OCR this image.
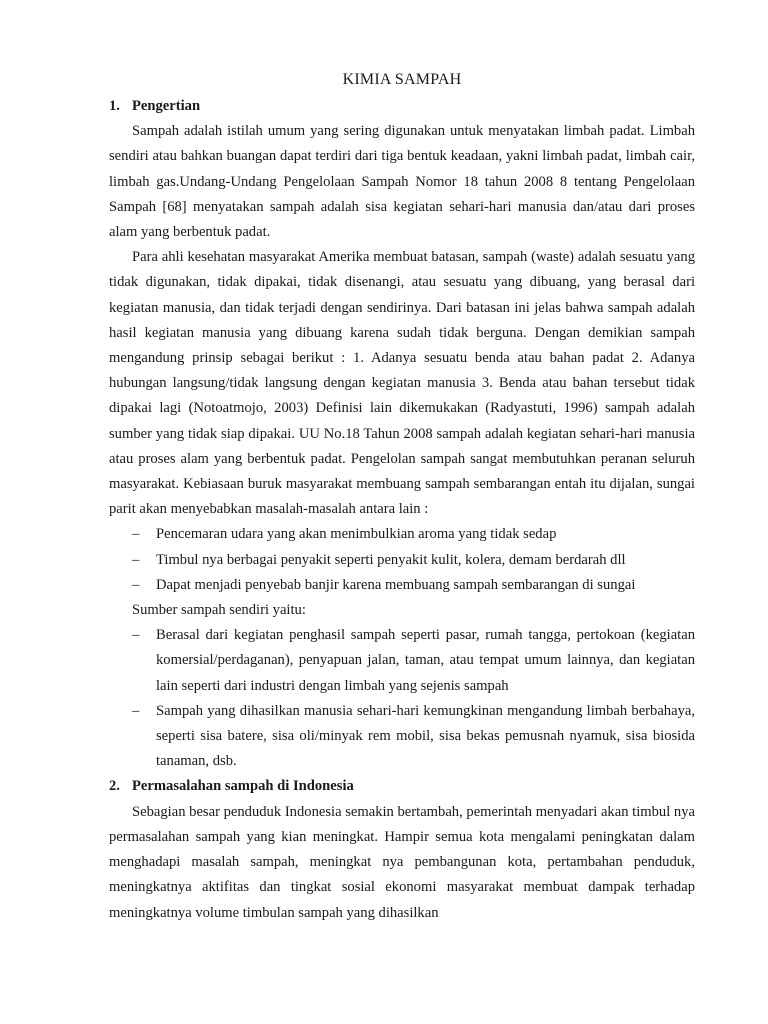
KIMIA SAMPAH
1. Pengertian

Sampah adalah istilah umum yang sering digunakan untuk menyatakan limbah padat. Limbah sendiri atau bahkan buangan dapat terdiri dari tiga bentuk keadaan, yakni limbah padat, limbah cair, limbah gas.Undang-Undang Pengelolaan Sampah Nomor 18 tahun 2008 8 tentang Pengelolaan Sampah [68] menyatakan sampah adalah sisa kegiatan sehari-hari manusia dan/atau dari proses alam yang berbentuk padat.

Para ahli kesehatan masyarakat Amerika membuat batasan, sampah (waste) adalah sesuatu yang tidak digunakan, tidak dipakai, tidak disenangi, atau sesuatu yang dibuang, yang berasal dari kegiatan manusia, dan tidak terjadi dengan sendirinya. Dari batasan ini jelas bahwa sampah adalah hasil kegiatan manusia yang dibuang karena sudah tidak berguna. Dengan demikian sampah mengandung prinsip sebagai berikut : 1. Adanya sesuatu benda atau bahan padat 2. Adanya hubungan langsung/tidak langsung dengan kegiatan manusia 3. Benda atau bahan tersebut tidak dipakai lagi (Notoatmojo, 2003) Definisi lain dikemukakan (Radyastuti, 1996) sampah adalah sumber yang tidak siap dipakai. UU No.18 Tahun 2008 sampah adalah kegiatan sehari-hari manusia atau proses alam yang berbentuk padat. Pengelolan sampah sangat membutuhkan peranan seluruh masyarakat. Kebiasaan buruk masyarakat membuang sampah sembarangan entah itu dijalan, sungai parit akan menyebabkan masalah-masalah antara lain :

–	Pencemaran udara yang akan menimbulkian aroma yang tidak sedap
–	Timbul nya berbagai penyakit seperti penyakit kulit, kolera, demam berdarah dll
–	Dapat menjadi penyebab banjir karena membuang sampah sembarangan di sungai

Sumber sampah sendiri yaitu:

–	Berasal dari kegiatan penghasil sampah seperti pasar, rumah tangga, pertokoan (kegiatan komersial/perdaganan), penyapuan jalan, taman, atau tempat umum lainnya, dan kegiatan lain seperti dari industri dengan limbah yang sejenis sampah
–	Sampah yang dihasilkan manusia sehari-hari kemungkinan mengandung limbah berbahaya, seperti sisa batere, sisa oli/minyak rem mobil, sisa bekas pemusnah nyamuk, sisa biosida tanaman, dsb.
2. Permasalahan sampah di Indonesia

Sebagian besar penduduk Indonesia semakin bertambah, pemerintah menyadari akan timbul nya permasalahan sampah yang kian meningkat. Hampir semua kota mengalami peningkatan dalam menghadapi masalah sampah, meningkat nya pembangunan kota, pertambahan penduduk, meningkatnya aktifitas dan tingkat sosial ekonomi masyarakat membuat dampak terhadap meningkatnya volume timbulan sampah yang dihasilkan
